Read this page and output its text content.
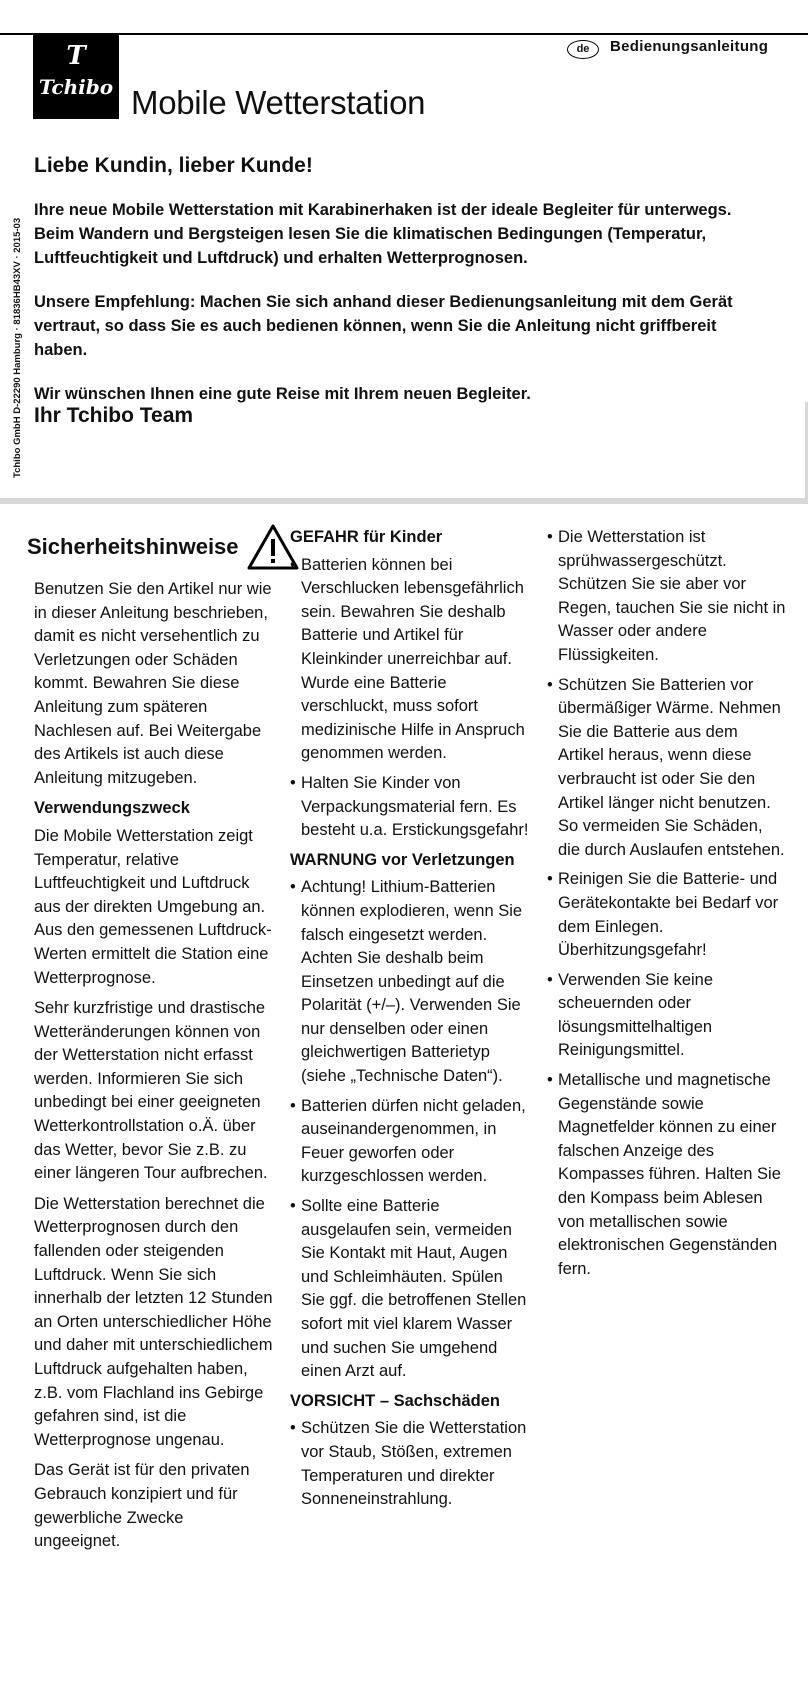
T
Tchibo
de	Bedienungsanleitung
Mobile Wetterstation
Tchibo GmbH D-22290 Hamburg · 81836HB43XV · 2015-03
Liebe Kundin, lieber Kunde!

Ihre neue Mobile Wetterstation mit Karabinerhaken ist der ideale Begleiter für unterwegs. Beim Wandern und Bergsteigen lesen Sie die klimatischen Bedingungen (Temperatur, Luftfeuchtigkeit und Luftdruck) und erhalten Wetterprognosen.

Unsere Empfehlung: Machen Sie sich anhand dieser Bedienungsanleitung mit dem Gerät vertraut, so dass Sie es auch bedienen können, wenn Sie die Anleitung nicht griffbereit haben.

Wir wünschen Ihnen eine gute Reise mit Ihrem neuen Begleiter.

Ihr Tchibo Team
Sicherheitshinweise

Benutzen Sie den Artikel nur wie in dieser Anleitung beschrieben, damit es nicht versehentlich zu Verletzungen oder Schäden kommt. Bewahren Sie diese Anleitung zum späteren Nachlesen auf. Bei Weitergabe des Artikels ist auch diese Anleitung mitzugeben.

Verwendungszweck

Die Mobile Wetterstation zeigt Temperatur, relative Luftfeuchtigkeit und Luftdruck aus der direkten Umgebung an. Aus den gemessenen Luftdruck-Werten ermittelt die Station eine Wetterprognose.

Sehr kurzfristige und drastische Wetteränderungen können von der Wetterstation nicht erfasst werden. Informieren Sie sich unbedingt bei einer geeigneten Wetterkontrollstation o.Ä. über das Wetter, bevor Sie z.B. zu einer längeren Tour aufbrechen.

Die Wetterstation berechnet die Wetterprognosen durch den fallenden oder steigenden Luftdruck. Wenn Sie sich innerhalb der letzten 12 Stunden an Orten unterschiedlicher Höhe und daher mit unterschiedlichem Luftdruck aufgehalten haben, z.B. vom Flachland ins Gebirge gefahren sind, ist die Wetterprognose ungenau.

Das Gerät ist für den privaten Gebrauch konzipiert und für gewerbliche Zwecke ungeeignet.

GEFAHR für Kinder
• Batterien können bei Verschlucken lebensgefährlich sein. Bewahren Sie deshalb Batterie und Artikel für Kleinkinder unerreichbar auf. Wurde eine Batterie verschluckt, muss sofort medizinische Hilfe in Anspruch genommen werden.
• Halten Sie Kinder von Verpackungsmaterial fern. Es besteht u.a. Erstickungsgefahr!
WARNUNG vor Verletzungen
• Achtung! Lithium-Batterien können explodieren, wenn Sie falsch eingesetzt werden. Achten Sie deshalb beim Einsetzen unbedingt auf die Polarität (+/–). Verwenden Sie nur denselben oder einen gleichwertigen Batterietyp (siehe „Technische Daten“).
• Batterien dürfen nicht geladen, auseinandergenommen, in Feuer geworfen oder kurzgeschlossen werden.
• Sollte eine Batterie ausgelaufen sein, vermeiden Sie Kontakt mit Haut, Augen und Schleimhäuten. Spülen Sie ggf. die betroffenen Stellen sofort mit viel klarem Wasser und suchen Sie umgehend einen Arzt auf.
VORSICHT – Sachschäden
• Schützen Sie die Wetterstation vor Staub, Stößen, extremen Temperaturen und direkter Sonneneinstrahlung.
• Die Wetterstation ist sprühwassergeschützt. Schützen Sie sie aber vor Regen, tauchen Sie sie nicht in Wasser oder andere Flüssigkeiten.
• Schützen Sie Batterien vor übermäßiger Wärme. Nehmen Sie die Batterie aus dem Artikel heraus, wenn diese verbraucht ist oder Sie den Artikel länger nicht benutzen. So vermeiden Sie Schäden, die durch Auslaufen entstehen.
• Reinigen Sie die Batterie- und Gerätekontakte bei Bedarf vor dem Einlegen. Überhitzungsgefahr!
• Verwenden Sie keine scheuernden oder lösungsmittelhaltigen Reinigungsmittel.
• Metallische und magnetische Gegenstände sowie Magnetfelder können zu einer falschen Anzeige des Kompasses führen. Halten Sie den Kompass beim Ablesen von metallischen sowie elektronischen Gegenständen fern.
